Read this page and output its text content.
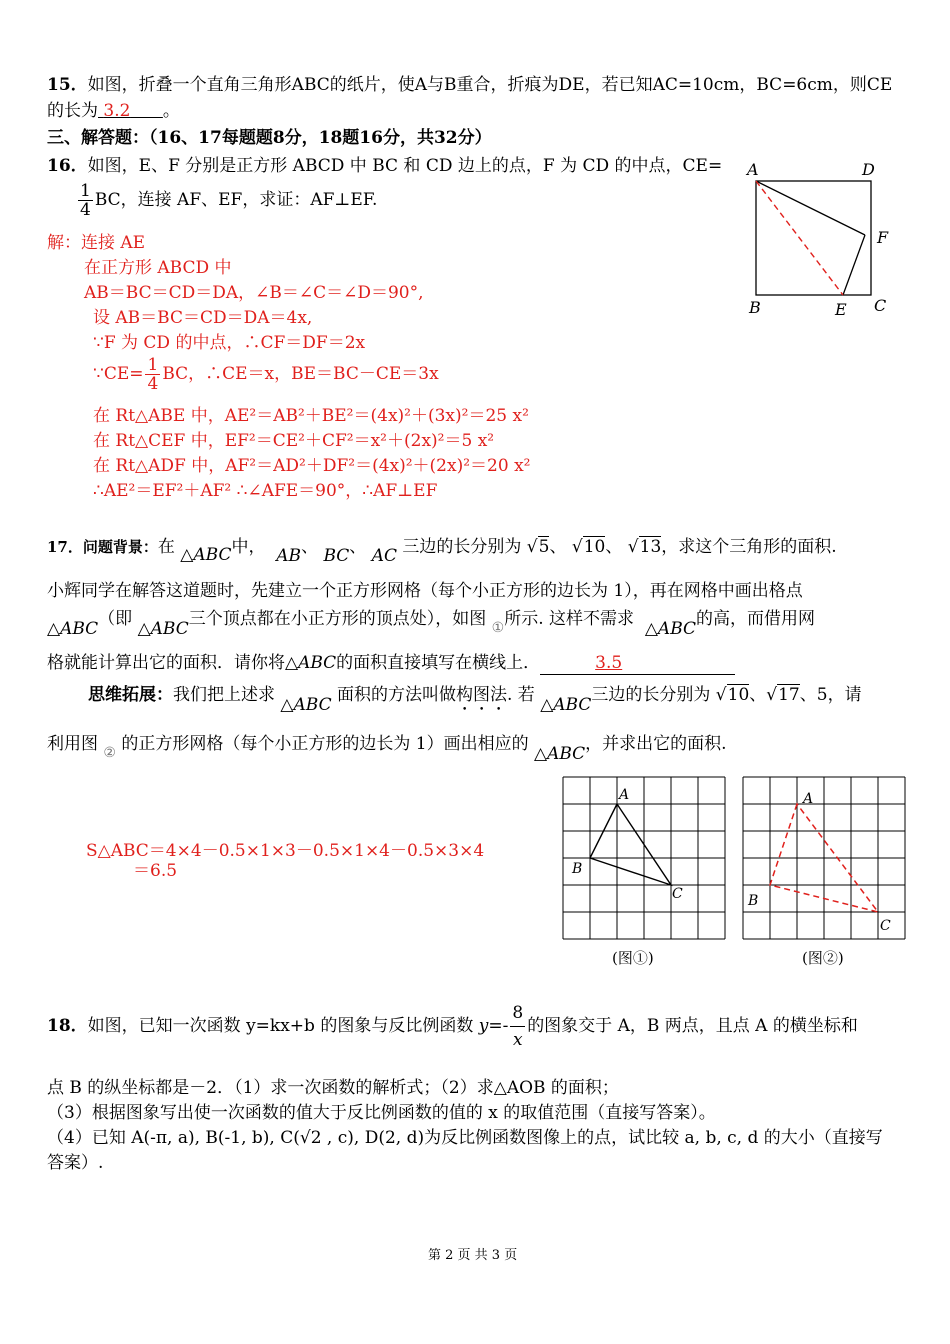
15．如图，折叠一个直角三角形ABC的纸片，使A与B重合，折痕为DE，若已知AC=10cm，BC=6cm，则CE
的长为 3.2 。
三、解答题：（16、17每题题8分，18题16分，共32分）
16．如图，E、F 分别是正方形 ABCD 中 BC 和 CD 边上的点，F 为 CD 的中点，CE=
$\frac{1}{4}$ BC，连接 AF、EF，求证：AF⊥EF.
解：连接 AE
在正方形 ABCD 中
AB＝BC＝CD＝DA，∠B＝∠C＝∠D＝90°,
设 AB＝BC＝CD＝DA＝4x,
∵F 为 CD 的中点，∴CF＝DF＝2x
∵CE= $\frac{1}{4}$ BC，∴CE＝x，BE＝BC－CE＝3x
在 Rt△ABE 中，AE²＝AB²＋BE²＝(4x)²＋(3x)²＝25 x²
在 Rt△CEF 中，EF²＝CE²＋CF²＝x²＋(2x)²＝5 x²
在 Rt△ADF 中，AF²＝AD²＋DF²＝(4x)²＋(2x)²＝20 x²
∴AE²＝EF²＋AF² ∴∠AFE＝90°，∴AF⊥EF
A	D
F
B	E C
17．问题背景：在 △ABC中， AB、 BC、 AC 三边的长分别为 √5、 √10、 √13，求这个三角形的面积.
小辉同学在解答这道题时，先建立一个正方形网格（每个小正方形的边长为 1），再在网格中画出格点
△ABC（即 △ABC三个顶点都在小正方形的顶点处），如图 $_①$所示. 这样不需求 △ABC的高，而借用网
格就能计算出它的面积．请你将△ABC的面积直接填写在横线上．	3.5
思维拓展：我们把上述求 △ABC 面积的方法叫做构图法. 若 △ABC三边的长分别为 √10、√17、5，请
利用图 $_②$ 的正方形网格（每个小正方形的边长为 1）画出相应的 △ABC，并求出它的面积.
S△ABC＝4×4－0.5×1×3－0.5×1×4－0.5×3×4
＝6.5
A
B
C
(图①)
A
B
C
(图②)
18．如图，已知一次函数 y=kx+b 的图象与反比例函数 $y=- \frac{8}{x}$ 的图象交于 A，B 两点，且点 A 的横坐标和
点 B 的纵坐标都是－2．（1）求一次函数的解析式；（2）求△AOB 的面积；
（3）根据图象写出使一次函数的值大于反比例函数的值的 x 的取值范围（直接写答案）。
（4）已知 A(-π, a), B(-1, b), C(√2 , c), D(2, d)为反比例函数图像上的点，试比较 a, b, c, d 的大小（直接写
答案）.
第 2 页 共 3 页
